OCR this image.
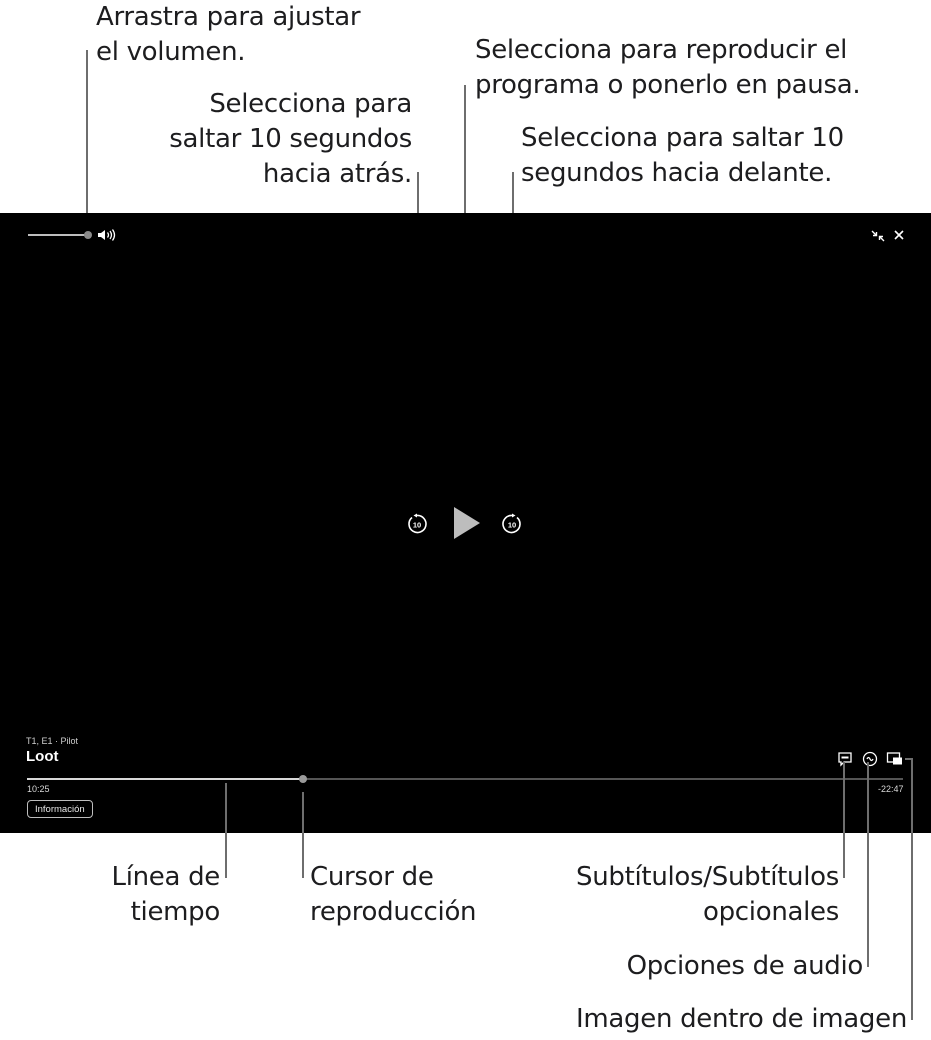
Arrastra para ajustar
el volumen.	Selecciona para reproducir el
programa o ponerlo en pausa.
Selecciona para
saltar 10 segundos
hacia atrás.
Selecciona para saltar 10
segundos hacia delante.
10	10
T1, E1 · Pilot
Loot
10:25	-22:47
Información
Línea de
tiempo
Cursor de
reproducción
Subtítulos/Subtítulos
opcionales
Opciones de audio
Imagen dentro de imagen
